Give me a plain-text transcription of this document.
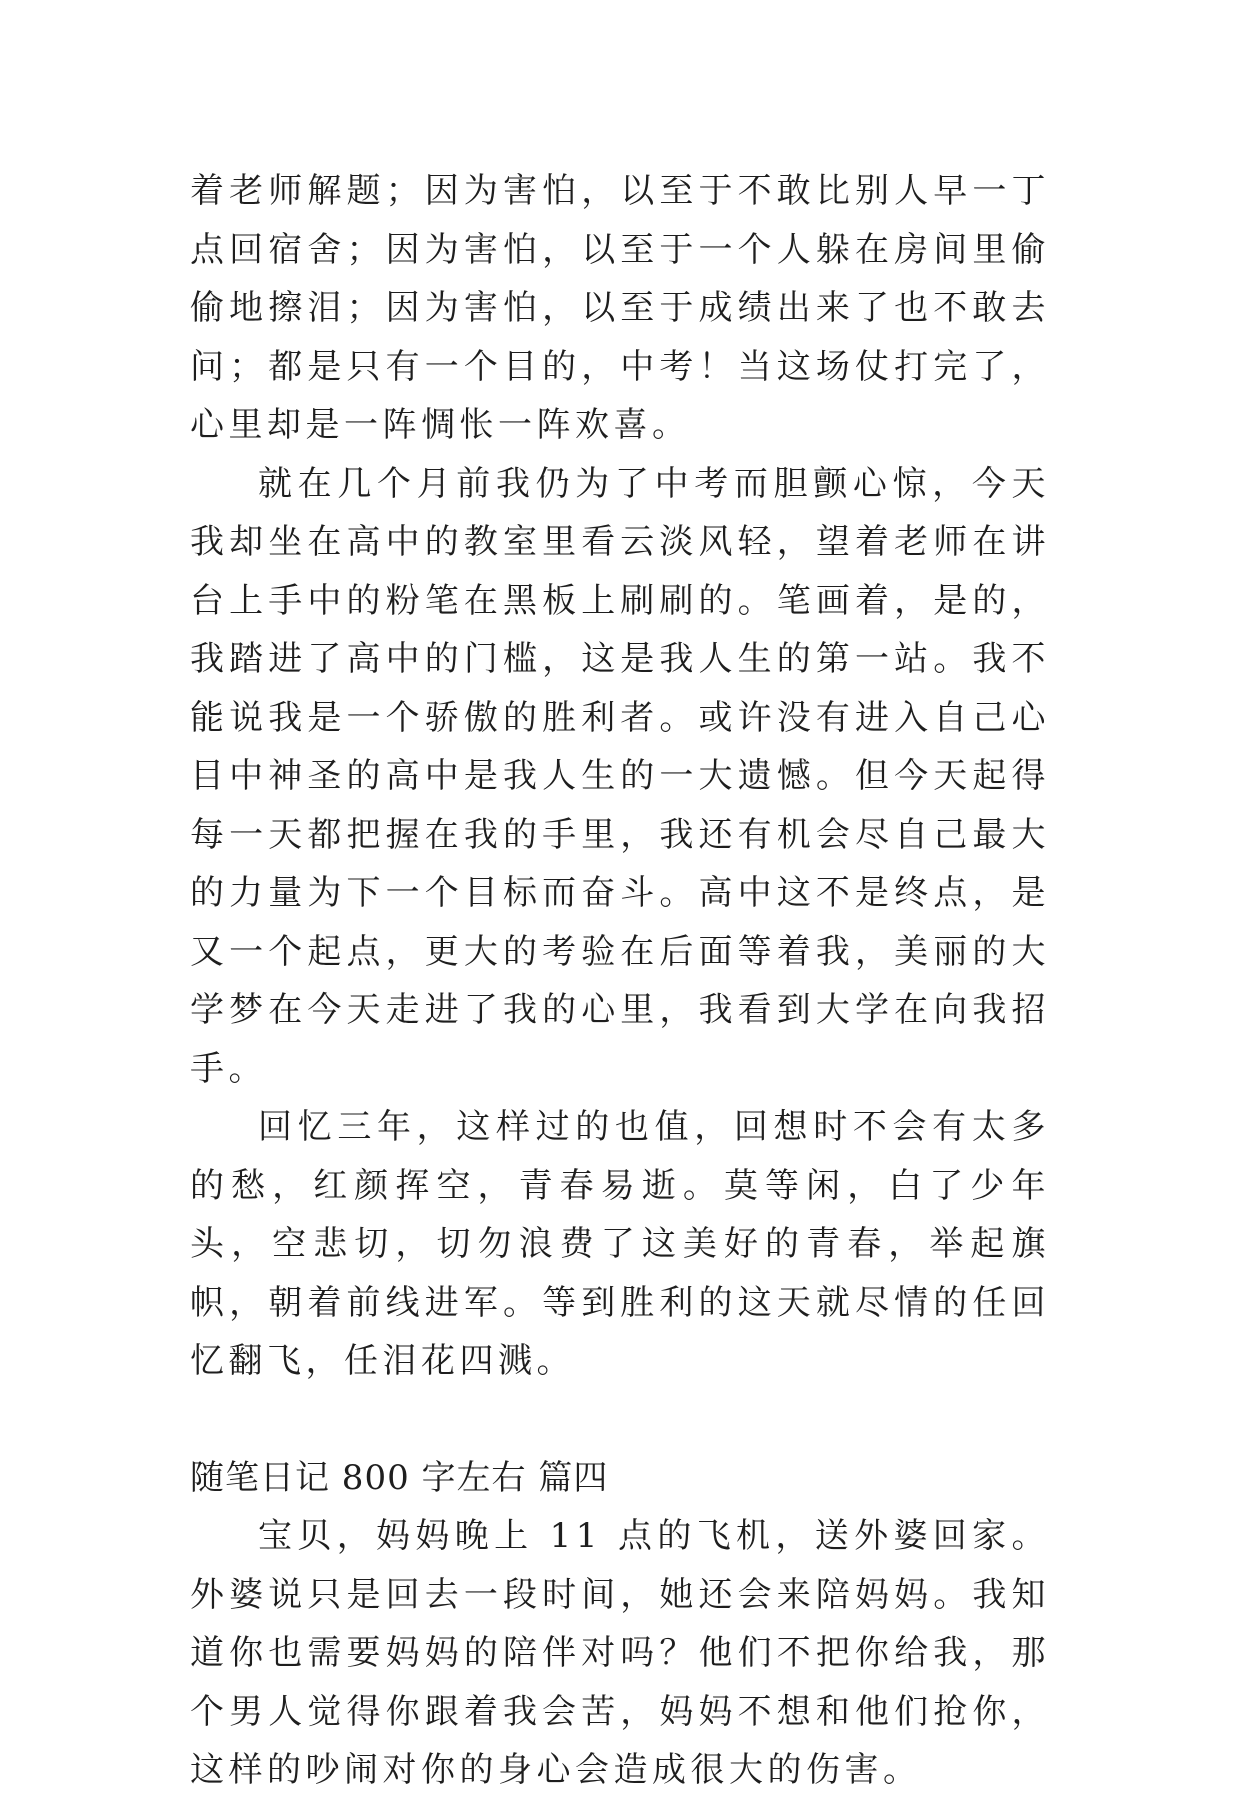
着老师解题；因为害怕，以至于不敢比别人早一丁点回宿舍；因为害怕，以至于一个人躲在房间里偷偷地擦泪；因为害怕，以至于成绩出来了也不敢去问；都是只有一个目的，中考！当这场仗打完了，心里却是一阵惆怅一阵欢喜。

就在几个月前我仍为了中考而胆颤心惊，今天我却坐在高中的教室里看云淡风轻，望着老师在讲台上手中的粉笔在黑板上刷刷的。笔画着，是的，我踏进了高中的门槛，这是我人生的第一站。我不能说我是一个骄傲的胜利者。或许没有进入自己心目中神圣的高中是我人生的一大遗憾。但今天起得每一天都把握在我的手里，我还有机会尽自己最大的力量为下一个目标而奋斗。高中这不是终点，是又一个起点，更大的考验在后面等着我，美丽的大学梦在今天走进了我的心里，我看到大学在向我招手。

回忆三年，这样过的也值，回想时不会有太多的愁，红颜挥空，青春易逝。莫等闲，白了少年头，空悲切，切勿浪费了这美好的青春，举起旗帜，朝着前线进军。等到胜利的这天就尽情的任回忆翻飞，任泪花四溅。

随笔日记 800 字左右 篇四

宝贝，妈妈晚上 11 点的飞机，送外婆回家。外婆说只是回去一段时间，她还会来陪妈妈。我知道你也需要妈妈的陪伴对吗？他们不把你给我，那个男人觉得你跟着我会苦，妈妈不想和他们抢你，这样的吵闹对你的身心会造成很大的伤害。
